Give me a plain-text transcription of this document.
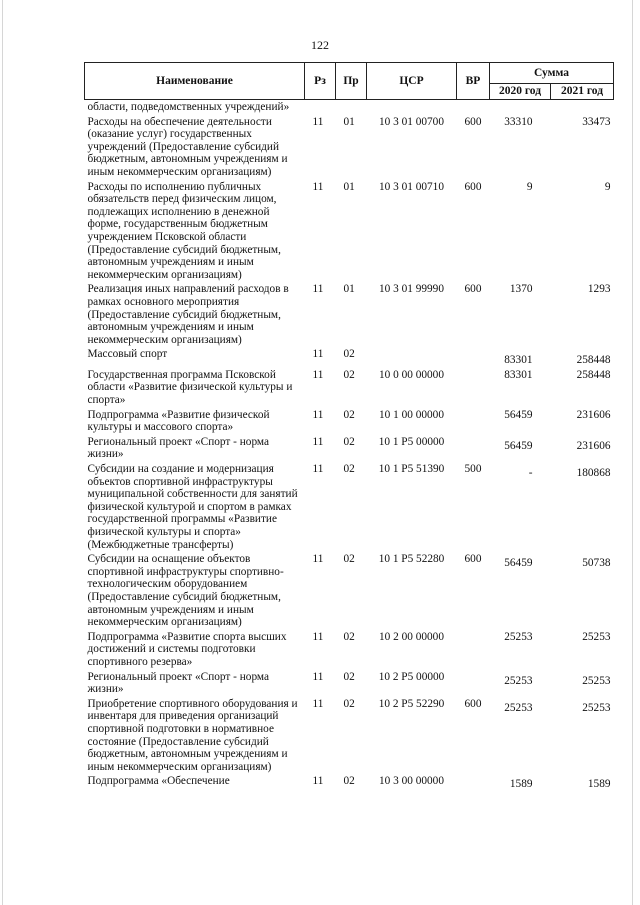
122
Наименование	Рз	Пр	ЦСР	ВР	Сумма	
					2020 год	2021 год
области, подведомственных учреждений»						
Расходы на обеспечение деятельности (оказание услуг) государственных учреждений (Предоставление субсидий бюджетным, автономным учреждениям и иным некоммерческим организациям)	11	01	10 3 01 00700	600	33310	33473
Расходы по исполнению публичных обязательств перед физическим лицом, подлежащих исполнению в денежной форме, государственным бюджетным учреждением Псковской области (Предоставление субсидий бюджетным, автономным учреждениям и иным некоммерческим организациям)	11	01	10 3 01 00710	600	9	9
Реализация иных направлений расходов в рамках основного мероприятия (Предоставление субсидий бюджетным, автономным учреждениям и иным некоммерческим организациям)	11	01	10 3 01 99990	600	1370	1293
Массовый спорт	11	02			83301	258448
Государственная программа Псковской области «Развитие физической культуры и спорта»	11	02	10 0 00 00000		83301	258448
Подпрограмма «Развитие физической культуры и массового спорта»	11	02	10 1 00 00000		56459	231606
Региональный проект «Спорт - норма жизни»	11	02	10 1 P5 00000		56459	231606
Субсидии на создание и модернизация объектов спортивной инфраструктуры муниципальной собственности для занятий физической культурой и спортом в рамках государственной программы «Развитие физической культуры и спорта» (Межбюджетные трансферты)	11	02	10 1 P5 51390	500	-	180868
Субсидии на оснащение объектов спортивной инфраструктуры спортивно-технологическим оборудованием (Предоставление субсидий бюджетным, автономным учреждениям и иным некоммерческим организациям)	11	02	10 1 P5 52280	600	56459	50738
Подпрограмма «Развитие спорта высших достижений и системы подготовки спортивного резерва»	11	02	10 2 00 00000		25253	25253
Региональный проект «Спорт - норма жизни»	11	02	10 2 P5 00000		25253	25253
Приобретение спортивного оборудования и инвентаря для приведения организаций спортивной подготовки в нормативное состояние (Предоставление субсидий бюджетным, автономным учреждениям и иным некоммерческим организациям)	11	02	10 2 P5 52290	600	25253	25253
Подпрограмма «Обеспечение	11	02	10 3 00 00000		1589	1589
